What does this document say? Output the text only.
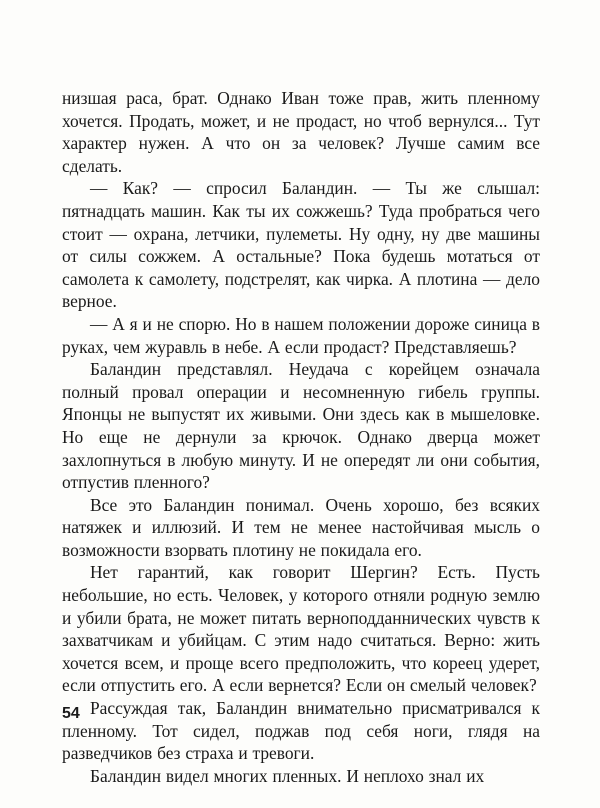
низшая раса, брат. Однако Иван тоже прав, жить пленному хочется. Продать, может, и не продаст, но чтоб вернулся... Тут характер нужен. А что он за человек? Лучше самим все сделать.

— Как? — спросил Баландин. — Ты же слышал: пятнадцать машин. Как ты их сожжешь? Туда пробраться чего стоит — охрана, летчики, пулеметы. Ну одну, ну две машины от силы сожжем. А остальные? Пока будешь мотаться от самолета к самолету, подстрелят, как чирка. А плотина — дело верное.

— А я и не спорю. Но в нашем положении дороже синица в руках, чем журавль в небе. А если продаст? Представляешь?

Баландин представлял. Неудача с корейцем означала полный провал операции и несомненную гибель группы. Японцы не выпустят их живыми. Они здесь как в мышеловке. Но еще не дернули за крючок. Однако дверца может захлопнуться в любую минуту. И не опередят ли они события, отпустив пленного?

Все это Баландин понимал. Очень хорошо, без всяких натяжек и иллюзий. И тем не менее настойчивая мысль о возможности взорвать плотину не покидала его.

Нет гарантий, как говорит Шергин? Есть. Пусть небольшие, но есть. Человек, у которого отняли родную землю и убили брата, не может питать верноподданнических чувств к захватчикам и убийцам. С этим надо считаться. Верно: жить хочется всем, и проще всего предположить, что кореец удерет, если отпустить его. А если вернется? Если он смелый человек?

Рассуждая так, Баландин внимательно присматривался к пленному. Тот сидел, поджав под себя ноги, глядя на разведчиков без страха и тревоги.

Баландин видел многих пленных. И неплохо знал их

54
